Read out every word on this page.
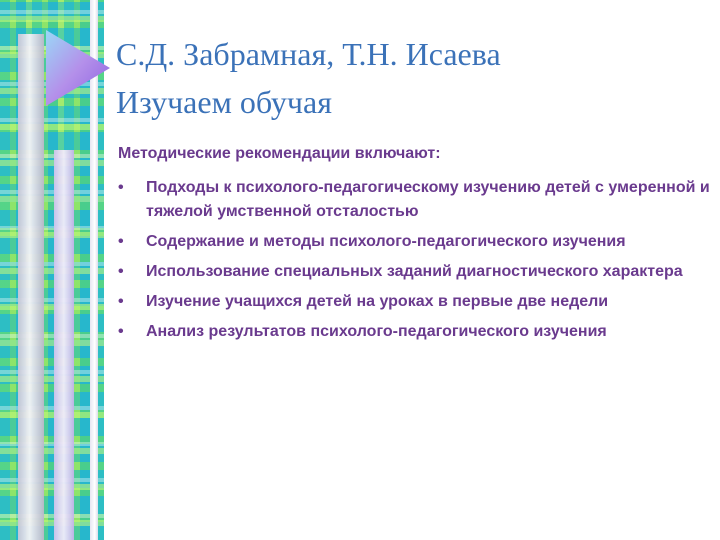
С.Д. Забрамная, Т.Н. Исаева
Изучаем обучая
Методические рекомендации включают:
•	Подходы к психолого-педагогическому изучению детей с умеренной и тяжелой умственной отсталостью
•	Содержание и методы психолого-педагогического изучения
•	Использование специальных заданий диагностического характера
•	Изучение учащихся детей на уроках в первые две недели
•	Анализ результатов психолого-педагогического изучения
